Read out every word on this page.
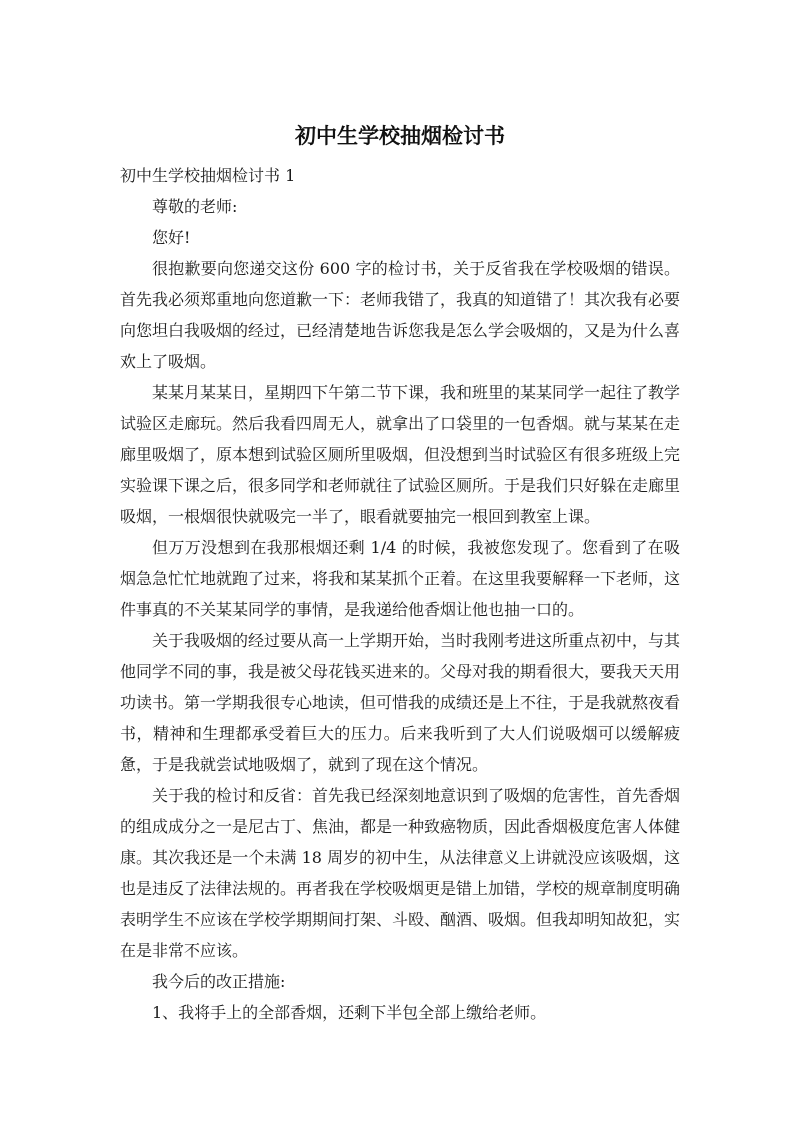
初中生学校抽烟检讨书

初中生学校抽烟检讨书 1

尊敬的老师:

您好!

很抱歉要向您递交这份 600 字的检讨书，关于反省我在学校吸烟的错误。首先我必须郑重地向您道歉一下：老师我错了，我真的知道错了！其次我有必要向您坦白我吸烟的经过，已经清楚地告诉您我是怎么学会吸烟的，又是为什么喜欢上了吸烟。

某某月某某日，星期四下午第二节下课，我和班里的某某同学一起往了教学试验区走廊玩。然后我看四周无人，就拿出了口袋里的一包香烟。就与某某在走廊里吸烟了，原本想到试验区厕所里吸烟，但没想到当时试验区有很多班级上完实验课下课之后，很多同学和老师就往了试验区厕所。于是我们只好躲在走廊里吸烟，一根烟很快就吸完一半了，眼看就要抽完一根回到教室上课。

但万万没想到在我那根烟还剩 1/4 的时候，我被您发现了。您看到了在吸烟急急忙忙地就跑了过来，将我和某某抓个正着。在这里我要解释一下老师，这件事真的不关某某同学的事情，是我递给他香烟让他也抽一口的。

关于我吸烟的经过要从高一上学期开始，当时我刚考进这所重点初中，与其他同学不同的事，我是被父母花钱买进来的。父母对我的期看很大，要我天天用功读书。第一学期我很专心地读，但可惜我的成绩还是上不往，于是我就熬夜看书，精神和生理都承受着巨大的压力。后来我听到了大人们说吸烟可以缓解疲惫，于是我就尝试地吸烟了，就到了现在这个情况。

关于我的检讨和反省：首先我已经深刻地意识到了吸烟的危害性，首先香烟的组成成分之一是尼古丁、焦油，都是一种致癌物质，因此香烟极度危害人体健康。其次我还是一个未满 18 周岁的初中生，从法律意义上讲就没应该吸烟，这也是违反了法律法规的。再者我在学校吸烟更是错上加错，学校的规章制度明确表明学生不应该在学校学期期间打架、斗殴、酗酒、吸烟。但我却明知故犯，实在是非常不应该。

我今后的改正措施:

1、我将手上的全部香烟，还剩下半包全部上缴给老师。
